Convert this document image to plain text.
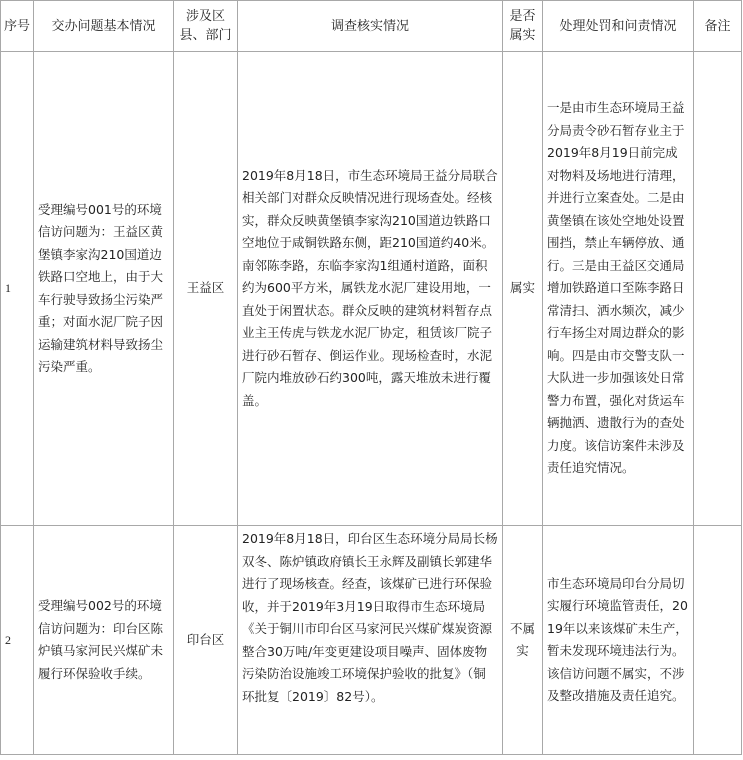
序号	交办问题基本情况	涉及区县、部门	调查核实情况	是否属实	处理处罚和问责情况	备注
1	受理编号001号的环境信访问题为：王益区黄堡镇李家沟210国道边铁路口空地上，由于大车行驶导致扬尘污染严重；对面水泥厂院子因运输建筑材料导致扬尘污染严重。	王益区	2019年8月18日，市生态环境局王益分局联合相关部门对群众反映情况进行现场查处。经核实，群众反映黄堡镇李家沟210国道边铁路口空地位于咸铜铁路东侧，距210国道约40米。南邻陈李路，东临李家沟1组通村道路，面积约为600平方米，属铁龙水泥厂建设用地，一直处于闲置状态。群众反映的建筑材料暂存点业主王传虎与铁龙水泥厂协定，租赁该厂院子进行砂石暂存、倒运作业。现场检查时，水泥厂院内堆放砂石约300吨，露天堆放未进行覆盖。	属实	一是由市生态环境局王益分局责令砂石暂存业主于2019年8月19日前完成对物料及场地进行清理，并进行立案查处。二是由黄堡镇在该处空地处设置围挡，禁止车辆停放、通行。三是由王益区交通局增加铁路道口至陈李路日常清扫、洒水频次，减少行车扬尘对周边群众的影响。四是由市交警支队一大队进一步加强该处日常警力布置，强化对货运车辆抛洒、遗散行为的查处力度。该信访案件未涉及责任追究情况。	
2	受理编号002号的环境信访问题为：印台区陈炉镇马家河民兴煤矿未履行环保验收手续。	印台区	2019年8月18日，印台区生态环境分局局长杨双冬、陈炉镇政府镇长王永辉及副镇长郭建华进行了现场核查。经查，该煤矿已进行环保验收，并于2019年3月19日取得市生态环境局《关于铜川市印台区马家河民兴煤矿煤炭资源整合30万吨/年变更建设项目噪声、固体废物污染防治设施竣工环境保护验收的批复》（铜环批复〔2019〕82号）。	不属实	市生态环境局印台分局切实履行环境监管责任，2019年以来该煤矿未生产，暂未发现环境违法行为。该信访问题不属实，不涉及整改措施及责任追究。	
